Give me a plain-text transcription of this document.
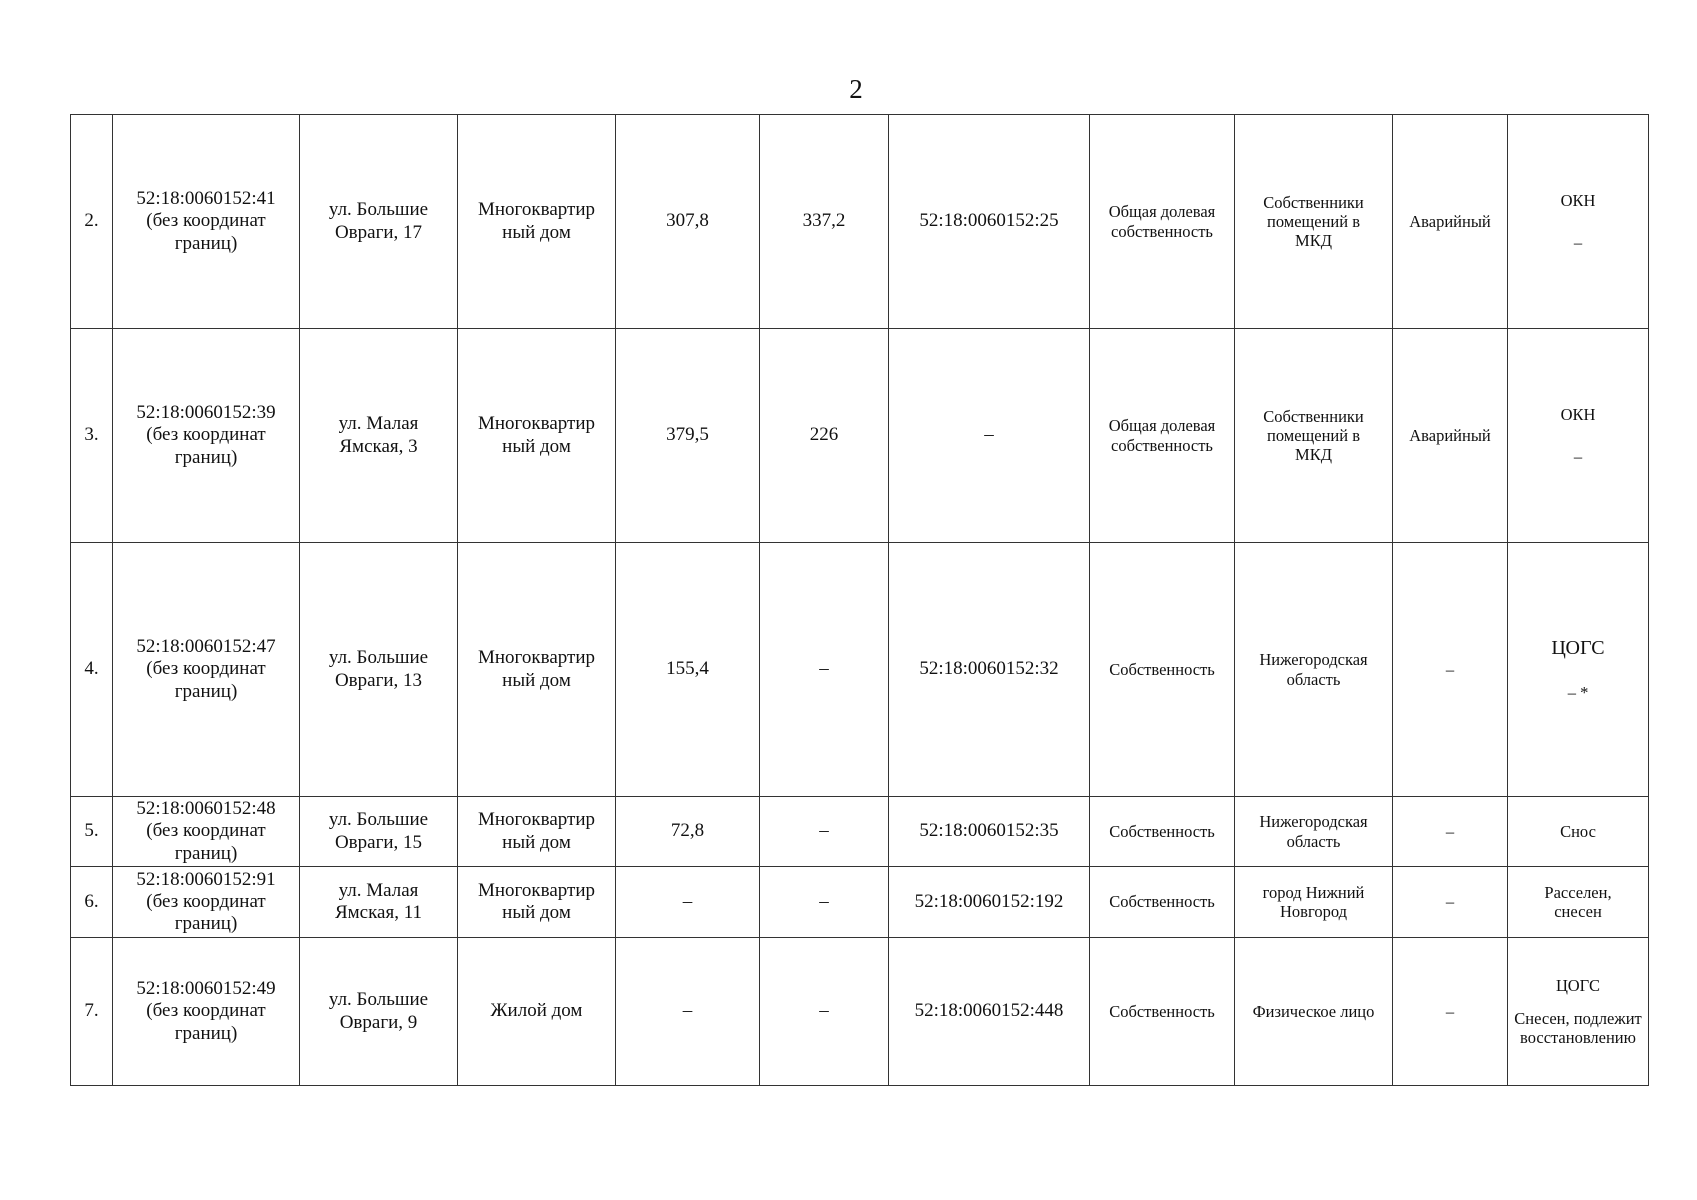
2
2.	52:18:0060152:41
(без координат
границ)	ул. Большие
Овраги, 17	Многоквартир
ный дом	307,8	337,2	52:18:0060152:25	Общая долевая
собственность	Собственники
помещений в
МКД	Аварийный	ОКН
–

3.	52:18:0060152:39
(без координат
границ)	ул. Малая
Ямская, 3	Многоквартир
ный дом	379,5	226	–	Общая долевая
собственность	Собственники
помещений в
МКД	Аварийный	ОКН
–

4.	52:18:0060152:47
(без координат
границ)	ул. Большие
Овраги, 13	Многоквартир
ный дом	155,4	–	52:18:0060152:32	Собственность	Нижегородская
область	–	ЦОГС
– *

5.	52:18:0060152:48
(без координат
границ)	ул. Большие
Овраги, 15	Многоквартир
ный дом	72,8	–	52:18:0060152:35	Собственность	Нижегородская
область	–	Снос

6.	52:18:0060152:91
(без координат
границ)	ул. Малая
Ямская, 11	Многоквартир
ный дом	–	–	52:18:0060152:192	Собственность	город Нижний
Новгород	–	Расселен,
снесен

7.	52:18:0060152:49
(без координат
границ)	ул. Большие
Овраги, 9	Жилой дом	–	–	52:18:0060152:448	Собственность	Физическое лицо	–	ЦОГС
Снесен, подлежит восстановлению
